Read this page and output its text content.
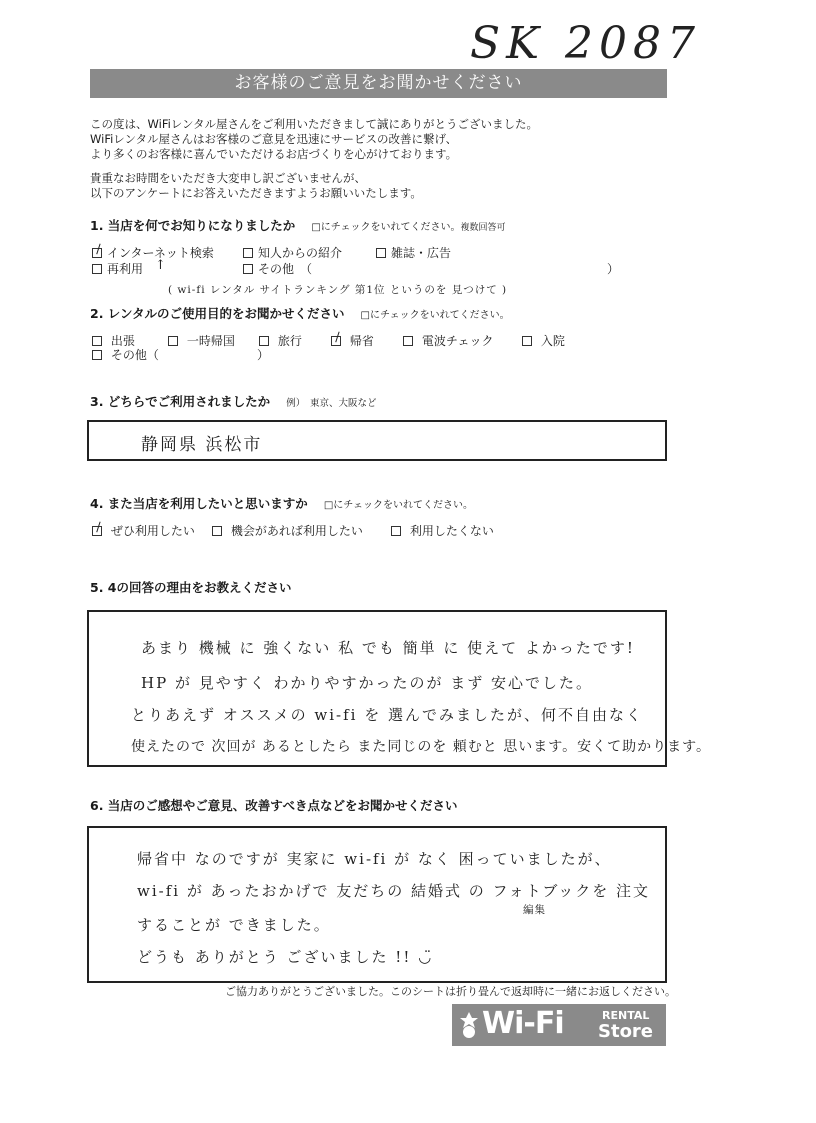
SK 2087
お客様のご意見をお聞かせください
この度は、WiFiレンタル屋さんをご利用いただきまして誠にありがとうございました。
WiFiレンタル屋さんはお客様のご意見を迅速にサービスの改善に繋げ、
より多くのお客様に喜んでいただけるお店づくりを心がけております。
貴重なお時間をいただき大変申し訳ございませんが、
以下のアンケートにお答えいただきますようお願いいたします。
1. 当店を何でお知りになりましたか □にチェックをいれてください。複数回答可
インターネット検索	知人からの紹介	雑誌・広告
再利用 ↑	その他　（	）
( wi-fi レンタル サイトランキング 第1位 というのを 見つけて )
2. レンタルのご使用目的をお聞かせください □にチェックをいれてください。
出張	一時帰国	旅行	帰省	電波チェック	入院
その他（	）
3. どちらでご利用されましたか 例）　東京、大阪など
静岡県 浜松市
4. また当店を利用したいと思いますか □にチェックをいれてください。
ぜひ利用したい	機会があれば利用したい	利用したくない
5. 4の回答の理由をお教えください
あまり 機械 に 強くない 私 でも 簡単 に 使えて よかったです!
HP が 見やすく わかりやすかったのが まず 安心でした。
とりあえず オススメの wi-fi を 選んでみましたが、何不自由なく
使えたので 次回が あるとしたら また同じのを 頼むと 思います。安くて助かります。
6. 当店のご感想やご意見、改善すべき点などをお聞かせください
帰省中 なのですが 実家に wi-fi が なく 困っていましたが、
wi-fi が あったおかげで 友だちの 結婚式 の フォトブックを 注文
編集
することが できました。
どうも ありがとう ございました !! ◡̈
ご協力ありがとうございました。このシートは折り畳んで返却時に一緒にお返しください。
Wi-Fi	RENTAL
Store
